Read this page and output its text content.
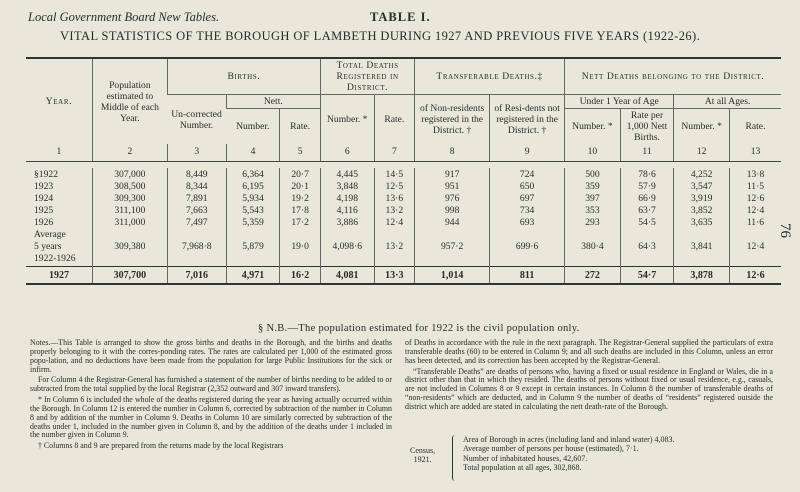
Local Government Board New Tables.	TABLE I.
VITAL STATISTICS OF THE BOROUGH OF LAMBETH DURING 1927 AND PREVIOUS FIVE YEARS (1922-26).
76
Year.	Population estimated to Middle of each Year.	Births.			Total Deaths Registered in District.		Transferable Deaths.‡		Nett Deaths belonging to the District.			
		Un-corrected Number.	Nett.		Number. *	Rate.	of Non-residents registered in the District. †	of Resi-dents not registered in the District. †	Under 1 Year of Age		At all Ages.	
			Number.	Rate.					Number. *	Rate per 1,000 Nett Births.	Number. *	Rate.

1	2	3	4	5	6	7	8	9	10	11	12	13

§1922	307,000	8,449	6,364	20·7	4,445	14·5	917	724	500	78·6	4,252	13·8
1923	308,500	8,344	6,195	20·1	3,848	12·5	951	650	359	57·9	3,547	11·5
1924	309,300	7,891	5,934	19·2	4,198	13·6	976	697	397	66·9	3,919	12·6
1925	311,100	7,663	5,543	17·8	4,116	13·2	998	734	353	63·7	3,852	12·4
1926	311,000	7,497	5,359	17·2	3,886	12·4	944	693	293	54·5	3,635	11·6
Average												
5 years	309,380	7,968·8	5,879	19·0	4,098·6	13·2	957·2	699·6	380·4	64·3	3,841	12·4
1922-1926												
1927	307,700	7,016	4,971	16·2	4,081	13·3	1,014	811	272	54·7	3,878	12·6
§ N.B.—The population estimated for 1922 is the civil population only.

Notes.—This Table is arranged to show the gross births and deaths in the Borough, and the births and deaths properly belonging to it with the corres-ponding rates. The rates are calculated per 1,000 of the estimated gross popu-lation, and no deductions have been made from the population for large Public Institutions for the sick or infirm.

For Column 4 the Registrar-General has furnished a statement of the number of births needing to be added to or subtracted from the total supplied by the local Registrar (2,352 outward and 307 inward transfers).

* In Column 6 is included the whole of the deaths registered during the year as having actually occurred within the Borough. In Column 12 is entered the number in Column 6, corrected by subtraction of the number in Column 8 and by addition of the number in Column 9. Deaths in Column 10 are similarly corrected by subtraction of the deaths under 1, included in the number given in Column 8, and by the addition of the deaths under 1 included in the number given in Column 9.

† Columns 8 and 9 are prepared from the returns made by the local Registrars

of Deaths in accordance with the rule in the next paragraph. The Registrar-General supplied the particulars of extra transferable deaths (60) to be entered in Column 9; and all such deaths are included in this Column, unless an error has been detected, and its correction has been accepted by the Registrar-General.

“Transferable Deaths” are deaths of persons who, having a fixed or usual residence in England or Wales, die in a district other than that in which they resided. The deaths of persons without fixed or usual residence, e.g., casuals, are not included in Columns 8 or 9 except in certain instances. In Column 8 the number of transferable deaths of “non-residents” which are deducted, and in Column 9 the number of deaths of “residents” registered outside the district which are added are stated in calculating the nett death-rate of the Borough.

Census,
1921.
Area of Borough in acres (including land and inland water) 4,083.
Average number of persons per house (estimated), 7·1.
Number of inhabitated houses, 42,607.
Total population at all ages, 302,868.
